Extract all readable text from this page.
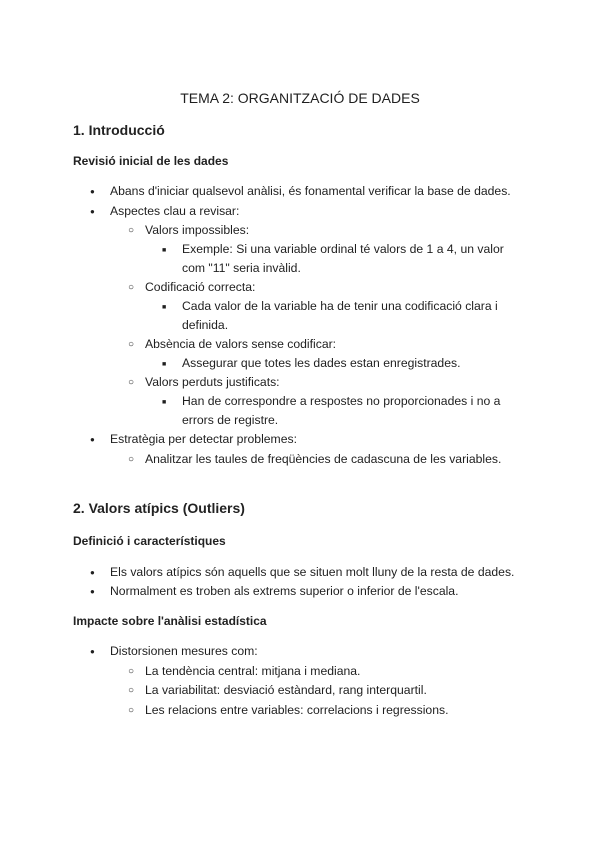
TEMA 2: ORGANITZACIÓ DE DADES
1. Introducció
Revisió inicial de les dades
●
Abans d'iniciar qualsevol anàlisi, és fonamental verificar la base de dades.
●
Aspectes clau a revisar:
○
Valors impossibles:
■
Exemple: Si una variable ordinal té valors de 1 a 4, un valor com "11" seria invàlid.
○
Codificació correcta:
■
Cada valor de la variable ha de tenir una codificació clara i definida.
○
Absència de valors sense codificar:
■
Assegurar que totes les dades estan enregistrades.
○
Valors perduts justificats:
■
Han de correspondre a respostes no proporcionades i no a errors de registre.
●
Estratègia per detectar problemes:
○
Analitzar les taules de freqüències de cadascuna de les variables.
2. Valors atípics (Outliers)
Definició i característiques
●
Els valors atípics són aquells que se situen molt lluny de la resta de dades.
●
Normalment es troben als extrems superior o inferior de l'escala.
Impacte sobre l'anàlisi estadística
●
Distorsionen mesures com:
○
La tendència central: mitjana i mediana.
○
La variabilitat: desviació estàndard, rang interquartil.
○
Les relacions entre variables: correlacions i regressions.
